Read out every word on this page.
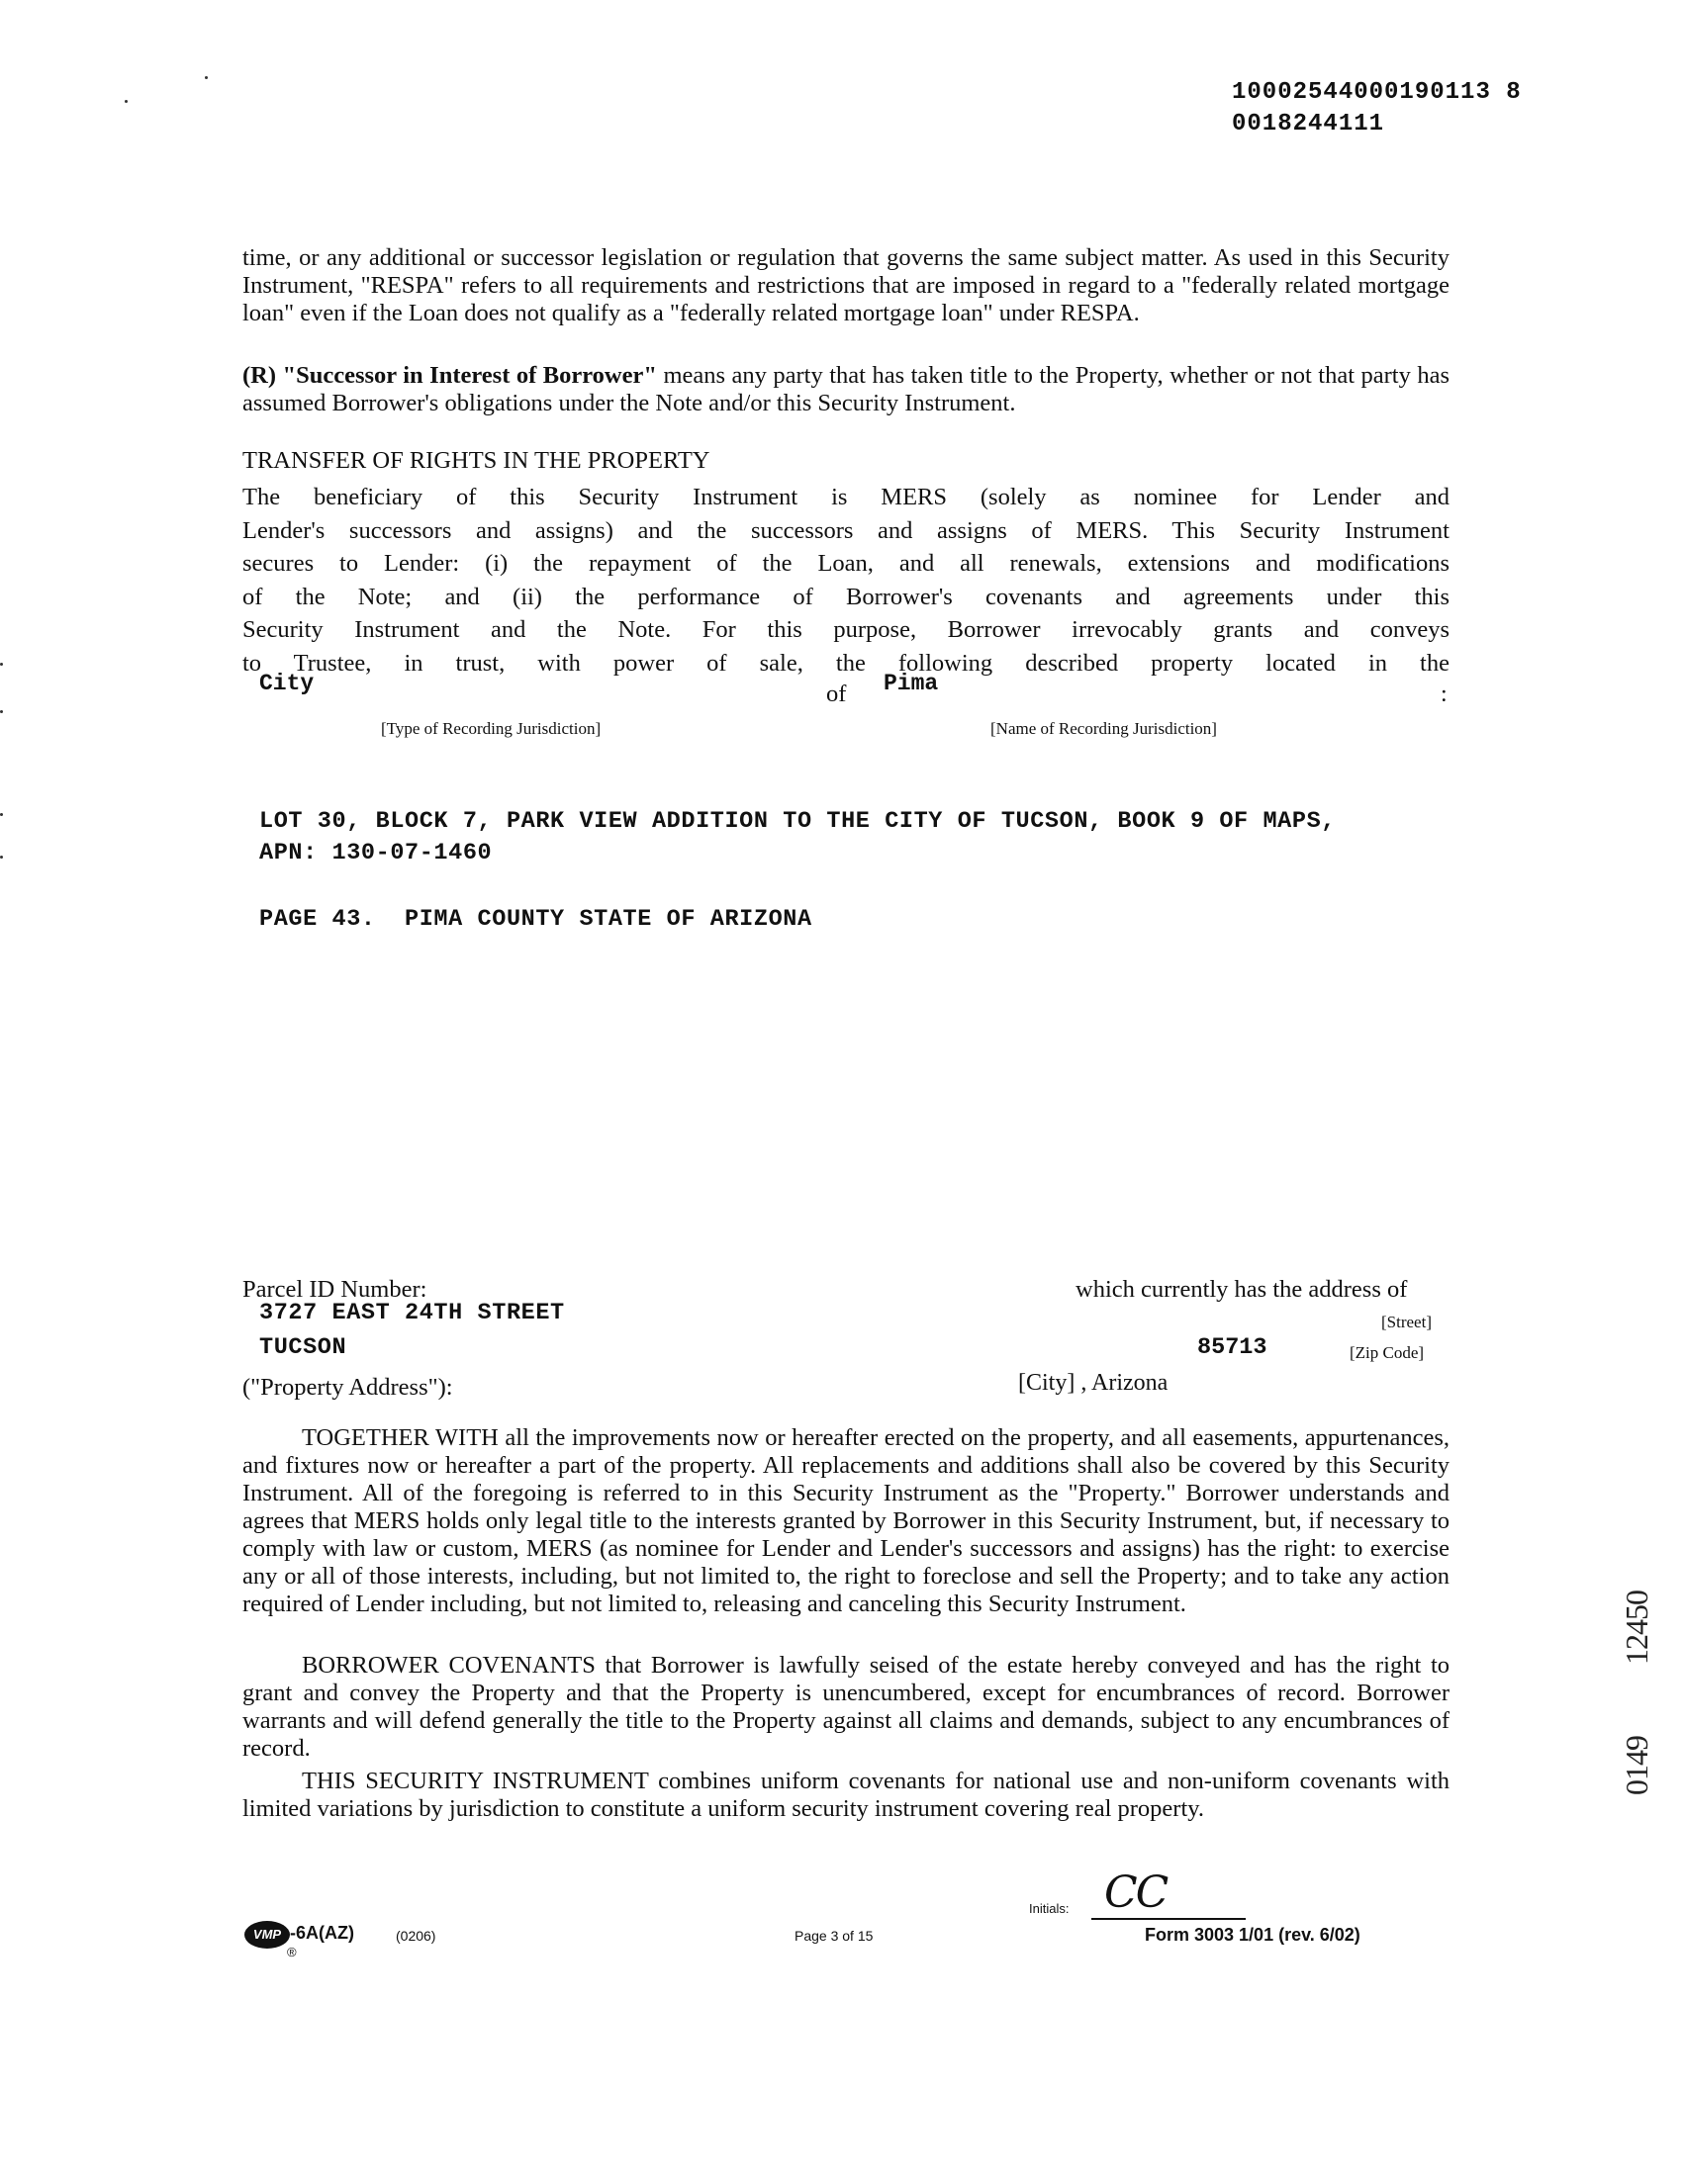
10002544000190113 8
0018244111
time, or any additional or successor legislation or regulation that governs the same subject matter. As used in this Security Instrument, "RESPA" refers to all requirements and restrictions that are imposed in regard to a "federally related mortgage loan" even if the Loan does not qualify as a "federally related mortgage loan" under RESPA.
(R) "Successor in Interest of Borrower" means any party that has taken title to the Property, whether or not that party has assumed Borrower's obligations under the Note and/or this Security Instrument.
TRANSFER OF RIGHTS IN THE PROPERTY
The beneficiary of this Security Instrument is MERS (solely as nominee for Lender and
Lender's successors and assigns) and the successors and assigns of MERS. This Security Instrument
secures to Lender: (i) the repayment of the Loan, and all renewals, extensions and modifications
of the Note; and (ii) the performance of Borrower's covenants and agreements under this
Security Instrument and the Note. For this purpose, Borrower irrevocably grants and conveys
to Trustee, in trust, with power of sale, the following described property located in the
City	of Pima	:
[Type of Recording Jurisdiction]	[Name of Recording Jurisdiction]

LOT 30, BLOCK 7, PARK VIEW ADDITION TO THE CITY OF TUCSON, BOOK 9 OF MAPS,

PAGE 43.  PIMA COUNTY STATE OF ARIZONA

APN: 130-07-1460
Parcel ID Number:	which currently has the address of
3727 EAST 24TH STREET	[Street]
TUCSON

[City] , Arizona

85713	[Zip Code]
("Property Address"):
TOGETHER WITH all the improvements now or hereafter erected on the property, and all easements, appurtenances, and fixtures now or hereafter a part of the property. All replacements and additions shall also be covered by this Security Instrument. All of the foregoing is referred to in this Security Instrument as the "Property." Borrower understands and agrees that MERS holds only legal title to the interests granted by Borrower in this Security Instrument, but, if necessary to comply with law or custom, MERS (as nominee for Lender and Lender's successors and assigns) has the right: to exercise any or all of those interests, including, but not limited to, the right to foreclose and sell the Property; and to take any action required of Lender including, but not limited to, releasing and canceling this Security Instrument.
BORROWER COVENANTS that Borrower is lawfully seised of the estate hereby conveyed and has the right to grant and convey the Property and that the Property is unencumbered, except for encumbrances of record. Borrower warrants and will defend generally the title to the Property against all claims and demands, subject to any encumbrances of record.
THIS SECURITY INSTRUMENT combines uniform covenants for national use and non-uniform covenants with limited variations by jurisdiction to constitute a uniform security instrument covering real property.
VMP
®
-6A(AZ)	(0206)	Page 3 of 15
Initials: CC
Form 3003 1/01 (rev. 6/02)
12450
0149
